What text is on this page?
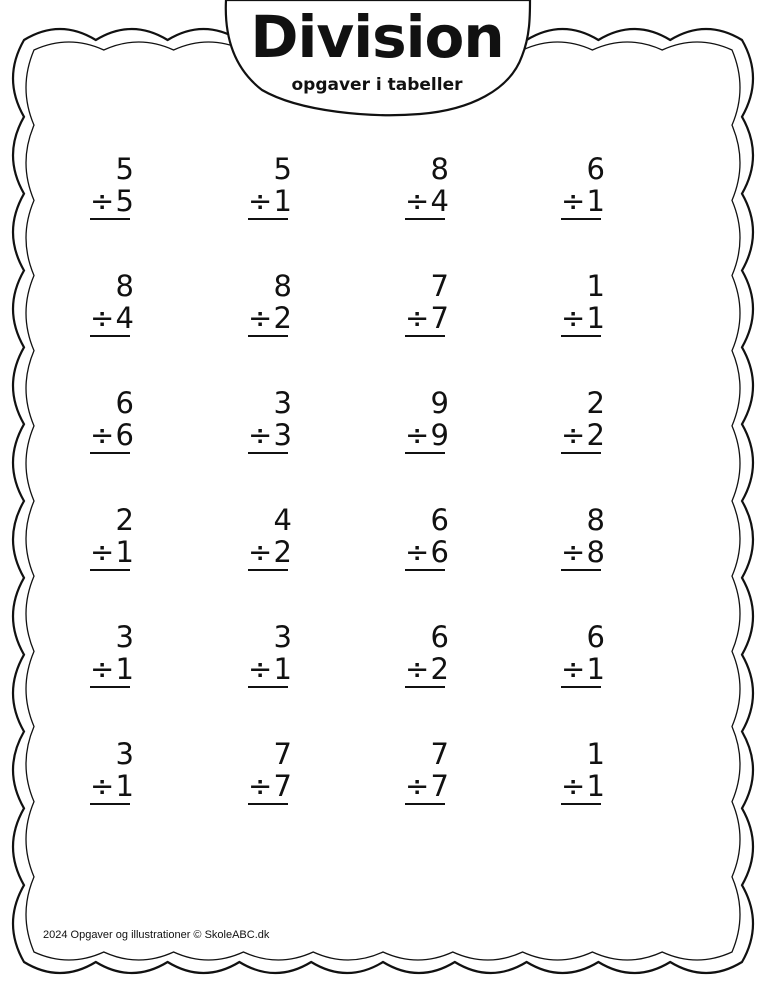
Division
opgaver i tabeller
5
÷ 5
5
÷ 1
8
÷ 4
6
÷ 1
8
÷ 4
8
÷ 2
7
÷ 7
1
÷ 1
6
÷ 6
3
÷ 3
9
÷ 9
2
÷ 2
2
÷ 1
4
÷ 2
6
÷ 6
8
÷ 8
3
÷ 1
3
÷ 1
6
÷ 2
6
÷ 1
3
÷ 1
7
÷ 7
7
÷ 7
1
÷ 1
2024 Opgaver og illustrationer © SkoleABC.dk
